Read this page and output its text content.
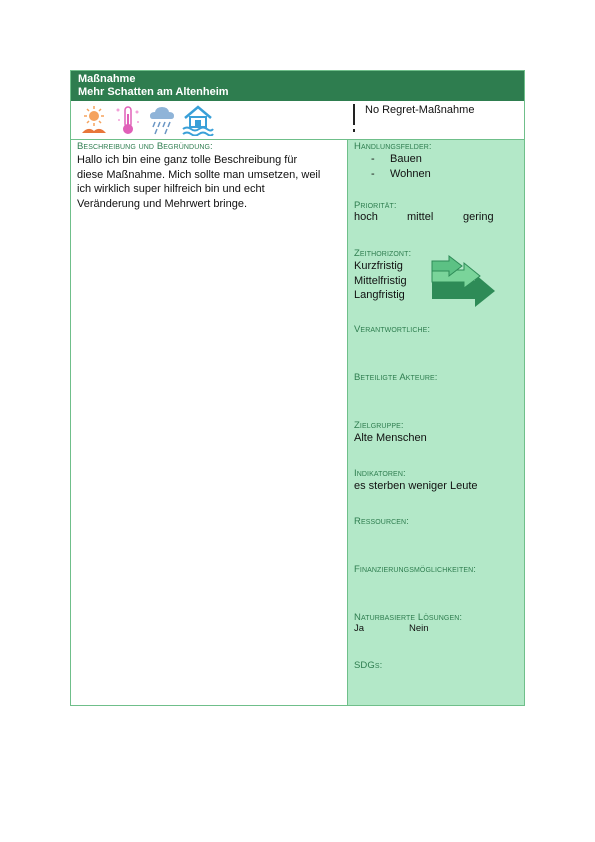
Maßnahme
Mehr Schatten am Altenheim
No Regret-Maßnahme
Beschreibung und Begründung:
Hallo ich bin eine ganz tolle Beschreibung für
diese Maßnahme. Mich sollte man umsetzen, weil
ich wirklich super hilfreich bin und echt
Veränderung und Mehrwert bringe.
Handlungsfelder:
- Bauen
- Wohnen
Priorität:
hoch	mittel	gering
Zeithorizont:
Kurzfristig
Mittelfristig
Langfristig
Verantwortliche:
Beteiligte Akteure:
Zielgruppe:
Alte Menschen
Indikatoren:
es sterben weniger Leute
Ressourcen:
Finanzierungsmöglichkeiten:
Naturbasierte Lösungen:
Ja	Nein
SDGs:
